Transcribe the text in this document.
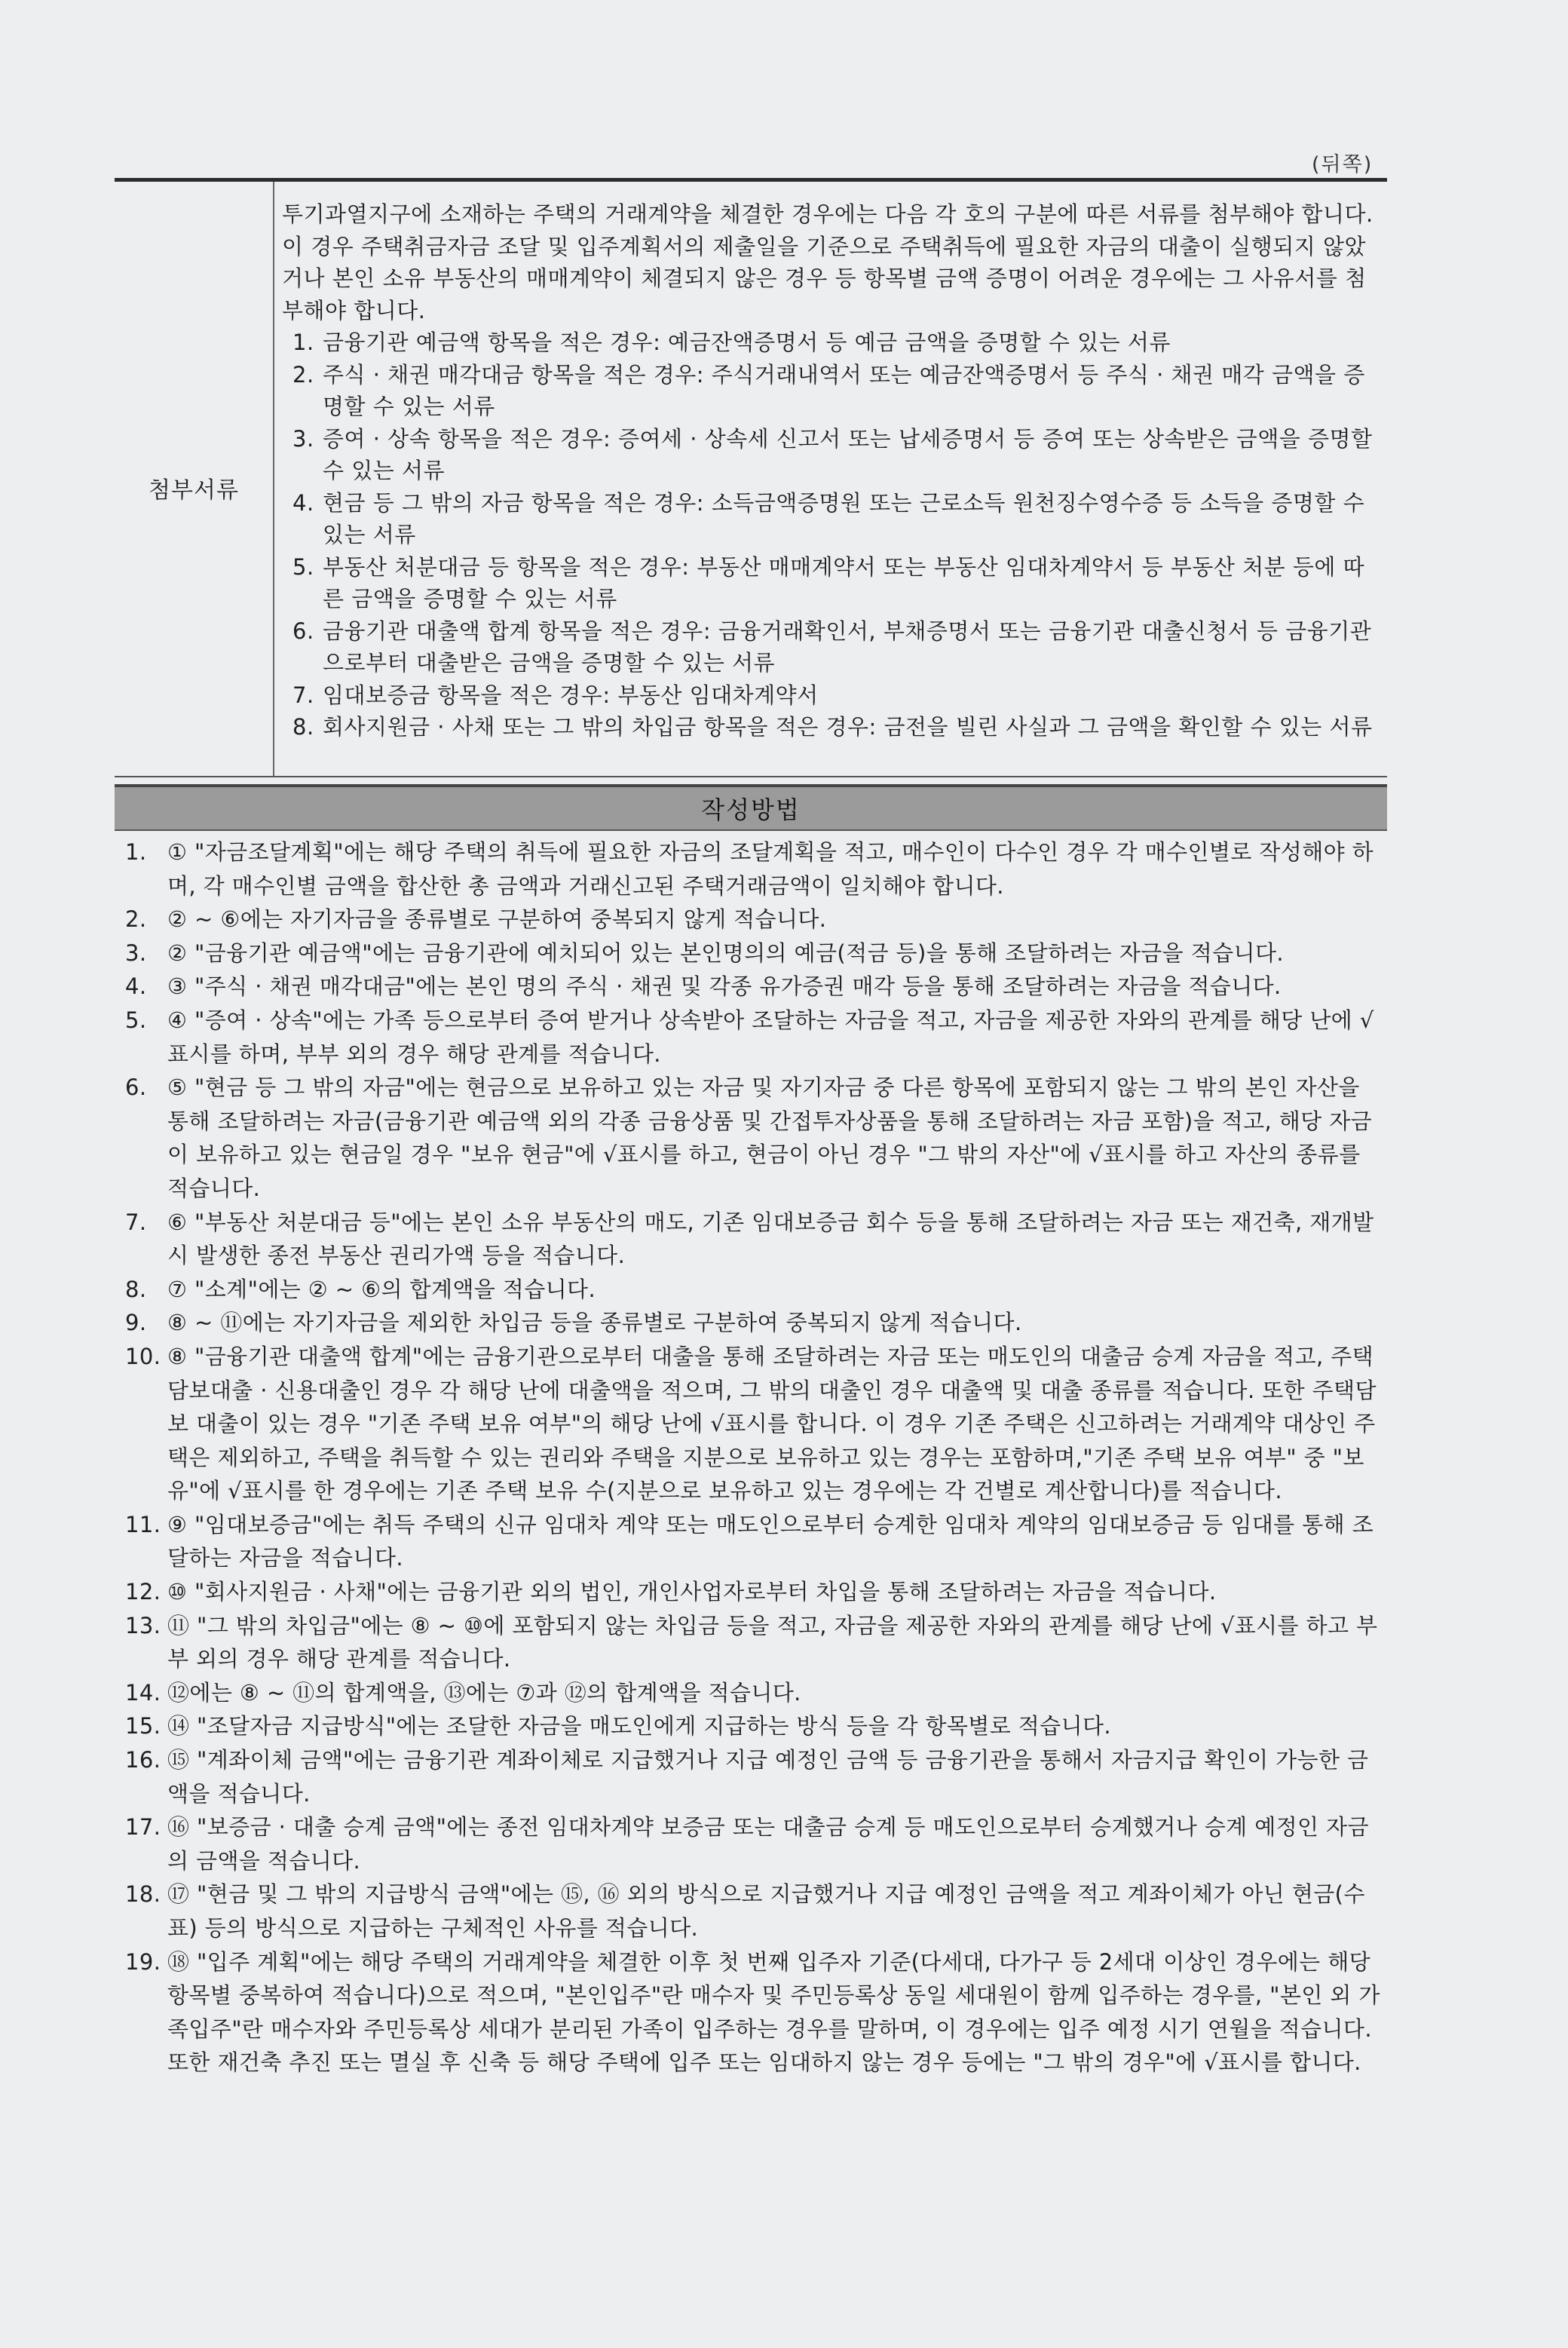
(뒤쪽)
첨부서류

투기과열지구에 소재하는 주택의 거래계약을 체결한 경우에는 다음 각 호의 구분에 따른 서류를 첨부해야 합니다. 이 경우 주택취금자금 조달 및 입주계획서의 제출일을 기준으로 주택취득에 필요한 자금의 대출이 실행되지 않았거나 본인 소유 부동산의 매매계약이 체결되지 않은 경우 등 항목별 금액 증명이 어려운 경우에는 그 사유서를 첨부해야 합니다.

1. 금융기관 예금액 항목을 적은 경우: 예금잔액증명서 등 예금 금액을 증명할 수 있는 서류
2. 주식 · 채권 매각대금 항목을 적은 경우: 주식거래내역서 또는 예금잔액증명서 등 주식 · 채권 매각 금액을 증명할 수 있는 서류
3. 증여 · 상속 항목을 적은 경우: 증여세 · 상속세 신고서 또는 납세증명서 등 증여 또는 상속받은 금액을 증명할 수 있는 서류
4. 현금 등 그 밖의 자금 항목을 적은 경우: 소득금액증명원 또는 근로소득 원천징수영수증 등 소득을 증명할 수 있는 서류
5. 부동산 처분대금 등 항목을 적은 경우: 부동산 매매계약서 또는 부동산 임대차계약서 등 부동산 처분 등에 따른 금액을 증명할 수 있는 서류
6. 금융기관 대출액 합계 항목을 적은 경우: 금융거래확인서, 부채증명서 또는 금융기관 대출신청서 등 금융기관으로부터 대출받은 금액을 증명할 수 있는 서류
7. 임대보증금 항목을 적은 경우: 부동산 임대차계약서
8. 회사지원금 · 사채 또는 그 밖의 차입금 항목을 적은 경우: 금전을 빌린 사실과 그 금액을 확인할 수 있는 서류
작성방법
1. ① "자금조달계획"에는 해당 주택의 취득에 필요한 자금의 조달계획을 적고, 매수인이 다수인 경우 각 매수인별로 작성해야 하며, 각 매수인별 금액을 합산한 총 금액과 거래신고된 주택거래금액이 일치해야 합니다.
2. ② ~ ⑥에는 자기자금을 종류별로 구분하여 중복되지 않게 적습니다.
3. ② "금융기관 예금액"에는 금융기관에 예치되어 있는 본인명의의 예금(적금 등)을 통해 조달하려는 자금을 적습니다.
4. ③ "주식 · 채권 매각대금"에는 본인 명의 주식 · 채권 및 각종 유가증권 매각 등을 통해 조달하려는 자금을 적습니다.
5. ④ "증여 · 상속"에는 가족 등으로부터 증여 받거나 상속받아 조달하는 자금을 적고, 자금을 제공한 자와의 관계를 해당 난에 √표시를 하며, 부부 외의 경우 해당 관계를 적습니다.
6. ⑤ "현금 등 그 밖의 자금"에는 현금으로 보유하고 있는 자금 및 자기자금 중 다른 항목에 포함되지 않는 그 밖의 본인 자산을 통해 조달하려는 자금(금융기관 예금액 외의 각종 금융상품 및 간접투자상품을 통해 조달하려는 자금 포함)을 적고, 해당 자금이 보유하고 있는 현금일 경우 "보유 현금"에 √표시를 하고, 현금이 아닌 경우 "그 밖의 자산"에 √표시를 하고 자산의 종류를 적습니다.
7. ⑥ "부동산 처분대금 등"에는 본인 소유 부동산의 매도, 기존 임대보증금 회수 등을 통해 조달하려는 자금 또는 재건축, 재개발시 발생한 종전 부동산 권리가액 등을 적습니다.
8. ⑦ "소계"에는 ② ~ ⑥의 합계액을 적습니다.
9. ⑧ ~ ⑪에는 자기자금을 제외한 차입금 등을 종류별로 구분하여 중복되지 않게 적습니다.
10. ⑧ "금융기관 대출액 합계"에는 금융기관으로부터 대출을 통해 조달하려는 자금 또는 매도인의 대출금 승계 자금을 적고, 주택담보대출 · 신용대출인 경우 각 해당 난에 대출액을 적으며, 그 밖의 대출인 경우 대출액 및 대출 종류를 적습니다. 또한 주택담보 대출이 있는 경우 "기존 주택 보유 여부"의 해당 난에 √표시를 합니다. 이 경우 기존 주택은 신고하려는 거래계약 대상인 주택은 제외하고, 주택을 취득할 수 있는 권리와 주택을 지분으로 보유하고 있는 경우는 포함하며,"기존 주택 보유 여부" 중 "보유"에 √표시를 한 경우에는 기존 주택 보유 수(지분으로 보유하고 있는 경우에는 각 건별로 계산합니다)를 적습니다.
11. ⑨ "임대보증금"에는 취득 주택의 신규 임대차 계약 또는 매도인으로부터 승계한 임대차 계약의 임대보증금 등 임대를 통해 조달하는 자금을 적습니다.
12. ⑩ "회사지원금 · 사채"에는 금융기관 외의 법인, 개인사업자로부터 차입을 통해 조달하려는 자금을 적습니다.
13. ⑪ "그 밖의 차입금"에는 ⑧ ~ ⑩에 포함되지 않는 차입금 등을 적고, 자금을 제공한 자와의 관계를 해당 난에 √표시를 하고 부부 외의 경우 해당 관계를 적습니다.
14. ⑫에는 ⑧ ~ ⑪의 합계액을, ⑬에는 ⑦과 ⑫의 합계액을 적습니다.
15. ⑭ "조달자금 지급방식"에는 조달한 자금을 매도인에게 지급하는 방식 등을 각 항목별로 적습니다.
16. ⑮ "계좌이체 금액"에는 금융기관 계좌이체로 지급했거나 지급 예정인 금액 등 금융기관을 통해서 자금지급 확인이 가능한 금액을 적습니다.
17. ⑯ "보증금 · 대출 승계 금액"에는 종전 임대차계약 보증금 또는 대출금 승계 등 매도인으로부터 승계했거나 승계 예정인 자금의 금액을 적습니다.
18. ⑰ "현금 및 그 밖의 지급방식 금액"에는 ⑮, ⑯ 외의 방식으로 지급했거나 지급 예정인 금액을 적고 계좌이체가 아닌 현금(수표) 등의 방식으로 지급하는 구체적인 사유를 적습니다.
19. ⑱ "입주 계획"에는 해당 주택의 거래계약을 체결한 이후 첫 번째 입주자 기준(다세대, 다가구 등 2세대 이상인 경우에는 해당 항목별 중복하여 적습니다)으로 적으며, "본인입주"란 매수자 및 주민등록상 동일 세대원이 함께 입주하는 경우를, "본인 외 가족입주"란 매수자와 주민등록상 세대가 분리된 가족이 입주하는 경우를 말하며, 이 경우에는 입주 예정 시기 연월을 적습니다. 또한 재건축 추진 또는 멸실 후 신축 등 해당 주택에 입주 또는 임대하지 않는 경우 등에는 "그 밖의 경우"에 √표시를 합니다.
